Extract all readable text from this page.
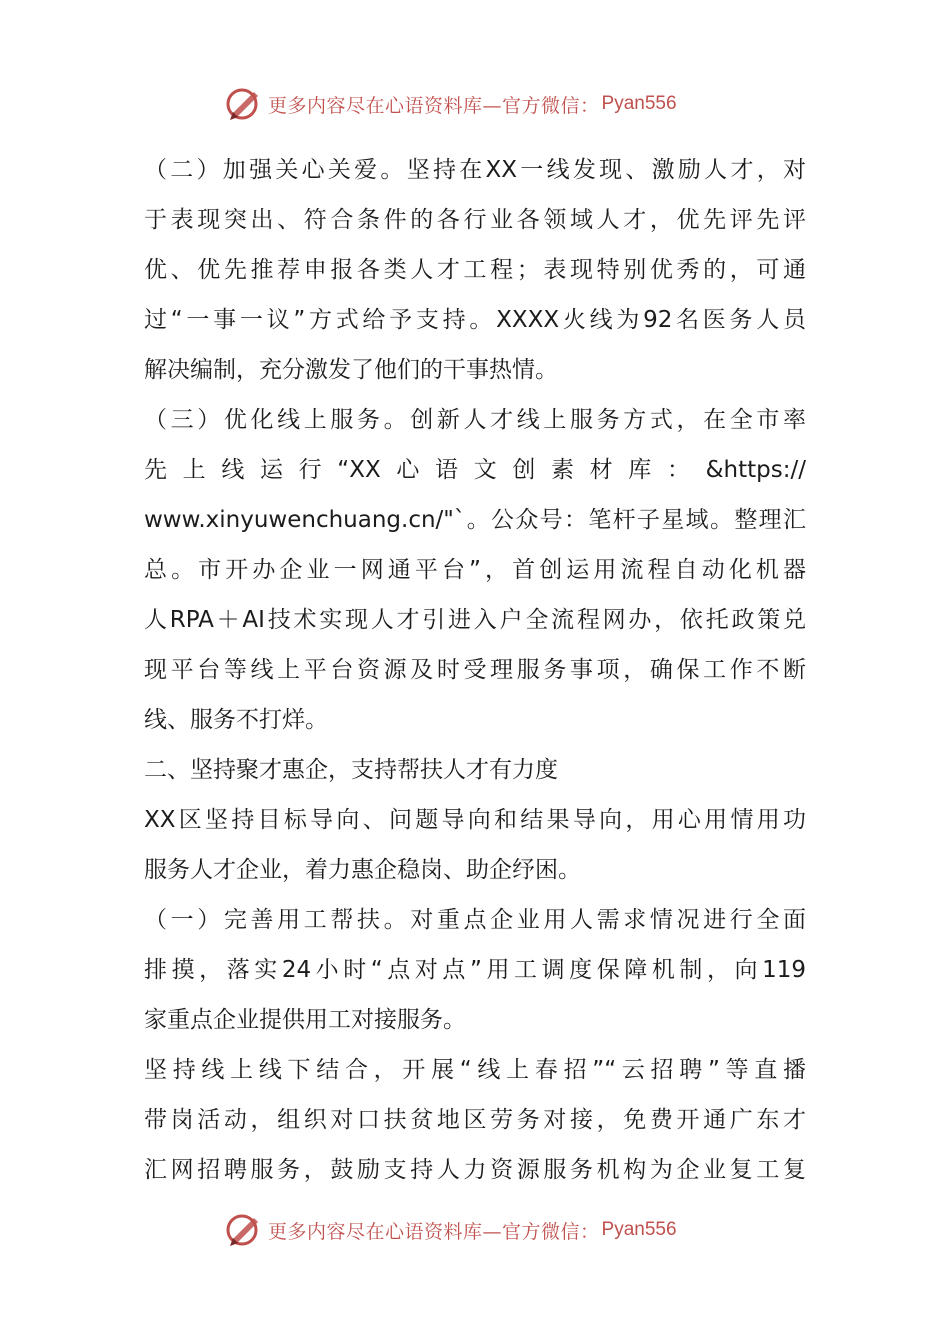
更多内容尽在心语资料库—官方微信： Pyan556
（二）加强关心关爱。坚持在XX一线发现、激励人才，对
于表现突出、符合条件的各行业各领域人才，优先评先评
优、优先推荐申报各类人才工程；表现特别优秀的，可通
过“一事一议”方式给予支持。XXXX火线为92名医务人员
解决编制，充分激发了他们的干事热情。
（三）优化线上服务。创新人才线上服务方式，在全市率
先上线运行“XX心语文创素材库：&https://
www.xinyuwenchuang.cn/"`。公众号：笔杆子星域。整理汇
总。市开办企业一网通平台”，首创运用流程自动化机器
人RPA＋AI技术实现人才引进入户全流程网办，依托政策兑
现平台等线上平台资源及时受理服务事项，确保工作不断
线、服务不打烊。
二、坚持聚才惠企，支持帮扶人才有力度
XX区坚持目标导向、问题导向和结果导向，用心用情用功
服务人才企业，着力惠企稳岗、助企纾困。
（一）完善用工帮扶。对重点企业用人需求情况进行全面
排摸，落实24小时“点对点”用工调度保障机制，向119
家重点企业提供用工对接服务。
坚持线上线下结合，开展“线上春招”“云招聘”等直播
带岗活动，组织对口扶贫地区劳务对接，免费开通广东才
汇网招聘服务，鼓励支持人力资源服务机构为企业复工复
更多内容尽在心语资料库—官方微信： Pyan556
